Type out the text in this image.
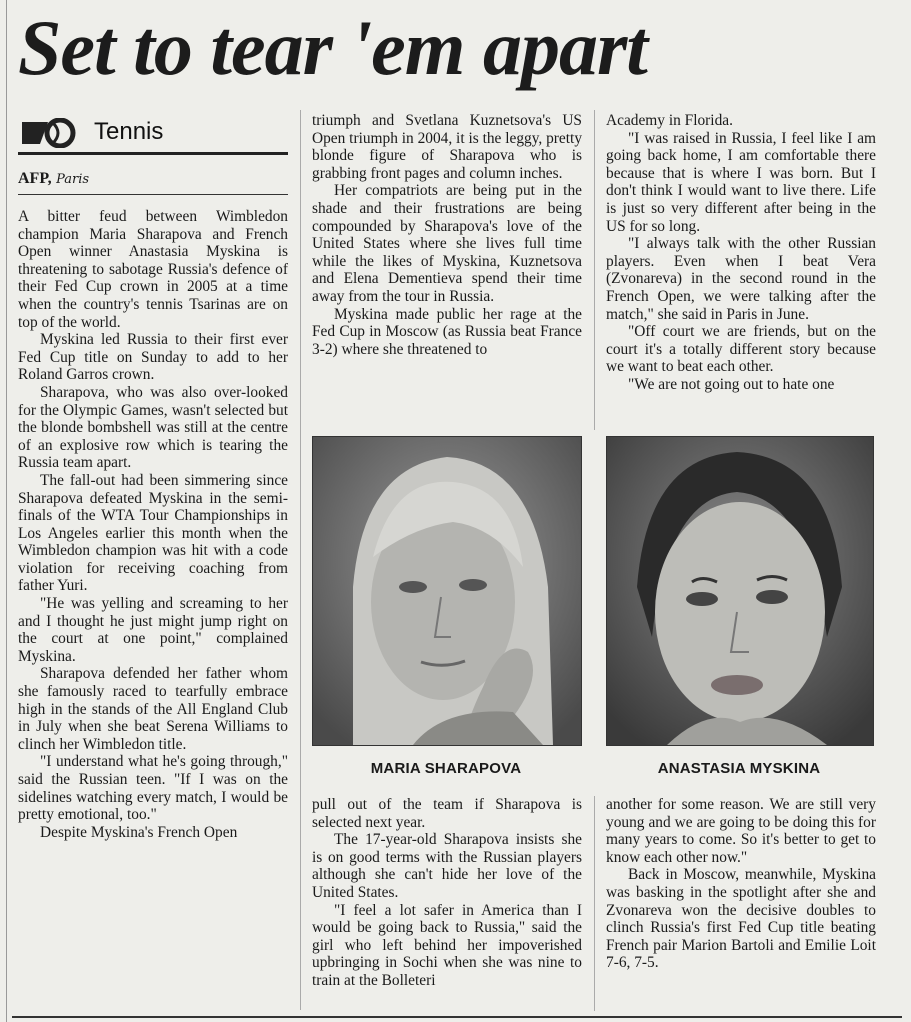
Set to tear 'em apart
Tennis
AFP, Paris

A bitter feud between Wimbledon champion Maria Sharapova and French Open winner Anastasia Myskina is threatening to sabotage Russia's defence of their Fed Cup crown in 2005 at a time when the country's tennis Tsarinas are on top of the world.

Myskina led Russia to their first ever Fed Cup title on Sunday to add to her Roland Garros crown.

Sharapova, who was also over-looked for the Olympic Games, wasn't selected but the blonde bombshell was still at the centre of an explosive row which is tearing the Russia team apart.

The fall-out had been simmering since Sharapova defeated Myskina in the semi-finals of the WTA Tour Championships in Los Angeles earlier this month when the Wimbledon champion was hit with a code violation for receiving coaching from father Yuri.

"He was yelling and screaming to her and I thought he just might jump right on the court at one point," complained Myskina.

Sharapova defended her father whom she famously raced to tearfully embrace high in the stands of the All England Club in July when she beat Serena Williams to clinch her Wimbledon title.

"I understand what he's going through," said the Russian teen. "If I was on the sidelines watching every match, I would be pretty emotional, too."

Despite Myskina's French Open

triumph and Svetlana Kuznetsova's US Open triumph in 2004, it is the leggy, pretty blonde figure of Sharapova who is grabbing front pages and column inches.

Her compatriots are being put in the shade and their frustrations are being compounded by Sharapova's love of the United States where she lives full time while the likes of Myskina, Kuznetsova and Elena Dementieva spend their time away from the tour in Russia.

Myskina made public her rage at the Fed Cup in Moscow (as Russia beat France 3-2) where she threatened to

Academy in Florida.

"I was raised in Russia, I feel like I am going back home, I am comfortable there because that is where I was born. But I don't think I would want to live there. Life is just so very different after being in the US for so long.

"I always talk with the other Russian players. Even when I beat Vera (Zvonareva) in the second round in the French Open, we were talking after the match," she said in Paris in June.

"Off court we are friends, but on the court it's a totally different story because we want to beat each other.

"We are not going out to hate one

MARIA SHARAPOVA	ANASTASIA MYSKINA

pull out of the team if Sharapova is selected next year.

The 17-year-old Sharapova insists she is on good terms with the Russian players although she can't hide her love of the United States.

"I feel a lot safer in America than I would be going back to Russia," said the girl who left behind her impoverished upbringing in Sochi when she was nine to train at the Bolleteri

another for some reason. We are still very young and we are going to be doing this for many years to come. So it's better to get to know each other now."

Back in Moscow, meanwhile, Myskina was basking in the spotlight after she and Zvonareva won the decisive doubles to clinch Russia's first Fed Cup title beating French pair Marion Bartoli and Emilie Loit 7-6, 7-5.
